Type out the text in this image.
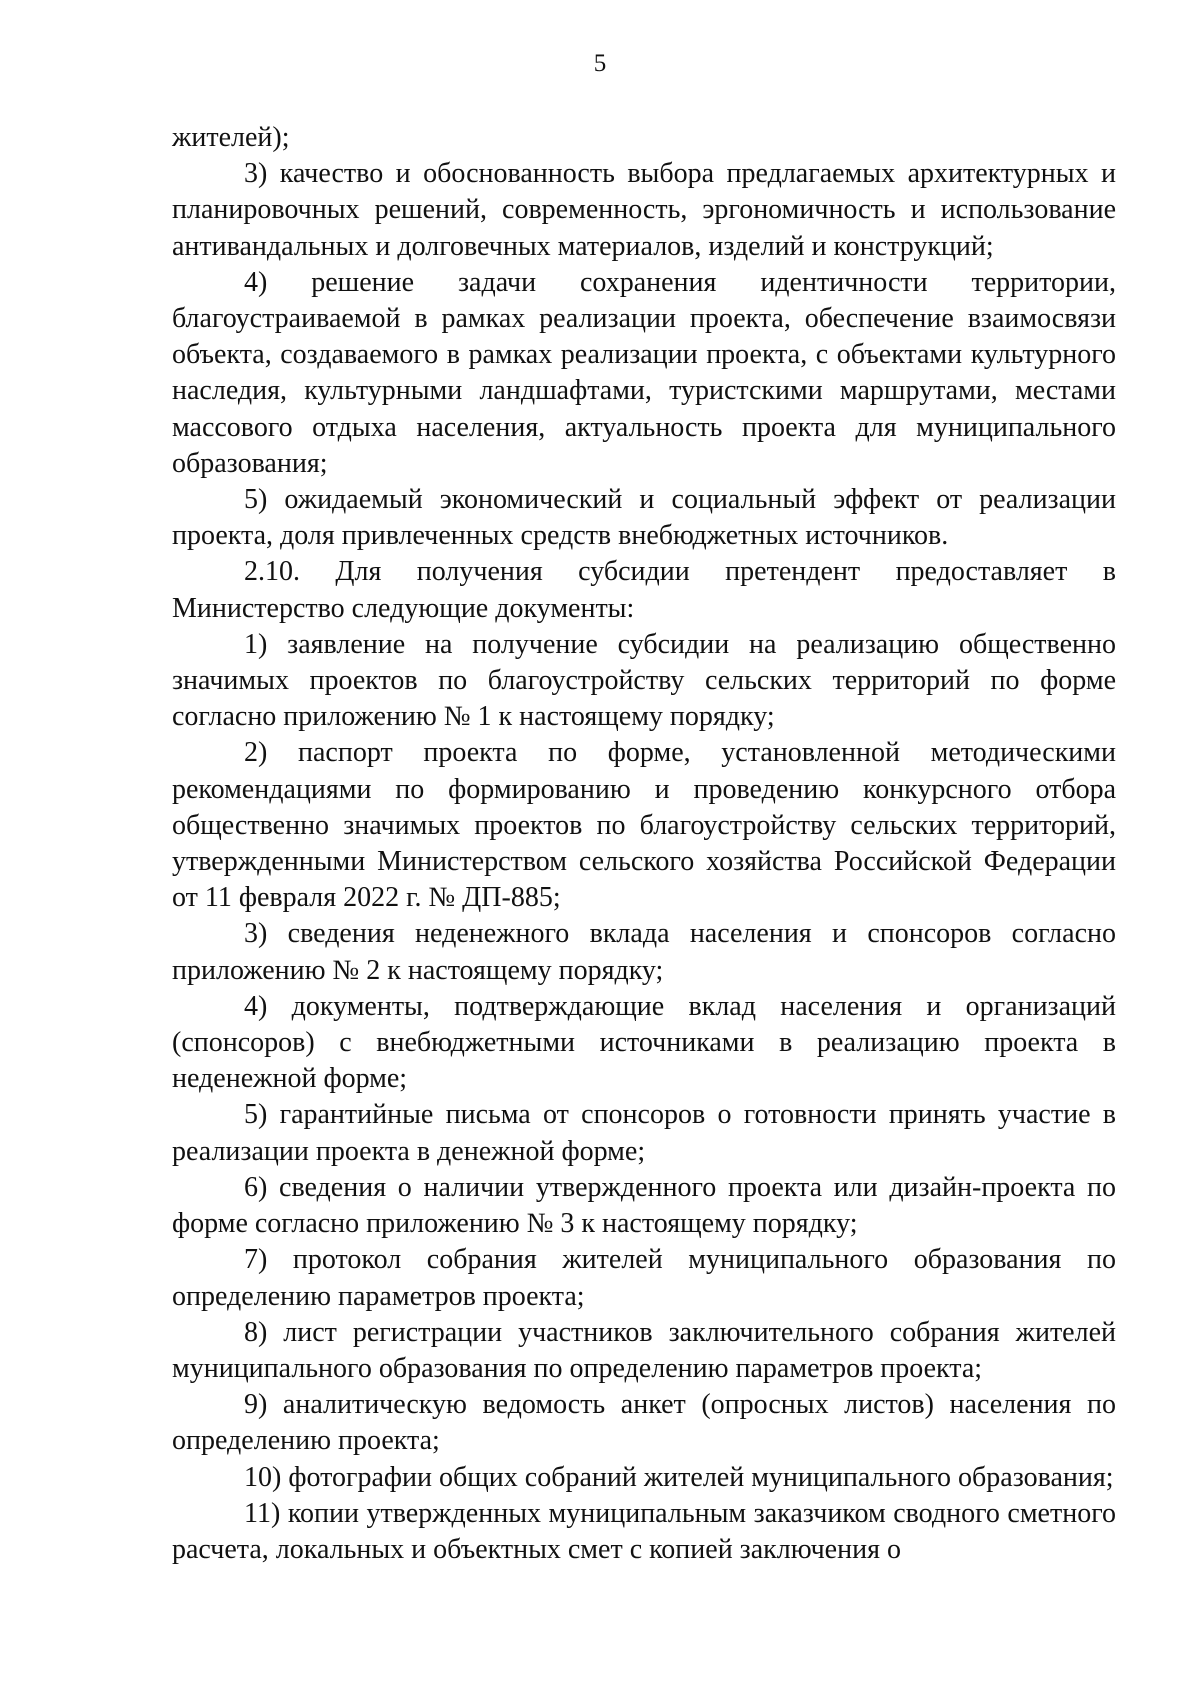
5

жителей);

3) качество и обоснованность выбора предлагаемых архитектурных и планировочных решений, современность, эргономичность и использование антивандальных и долговечных материалов, изделий и конструкций;

4) решение задачи сохранения идентичности территории, благоустраиваемой в рамках реализации проекта, обеспечение взаимосвязи объекта, создаваемого в рамках реализации проекта, с объектами культурного наследия, культурными ландшафтами, туристскими маршрутами, местами массового отдыха населения, актуальность проекта для муниципального образования;

5) ожидаемый экономический и социальный эффект от реализации проекта, доля привлеченных средств внебюджетных источников.

2.10. Для получения субсидии претендент предоставляет в Министерство следующие документы:

1) заявление на получение субсидии на реализацию общественно значимых проектов по благоустройству сельских территорий по форме согласно приложению № 1 к настоящему порядку;

2) паспорт проекта по форме, установленной методическими рекомендациями по формированию и проведению конкурсного отбора общественно значимых проектов по благоустройству сельских территорий, утвержденными Министерством сельского хозяйства Российской Федерации от 11 февраля 2022 г. № ДП-885;

3) сведения неденежного вклада населения и спонсоров согласно приложению № 2 к настоящему порядку;

4) документы, подтверждающие вклад населения и организаций (спонсоров) с внебюджетными источниками в реализацию проекта в неденежной форме;

5) гарантийные письма от спонсоров о готовности принять участие в реализации проекта в денежной форме;

6) сведения о наличии утвержденного проекта или дизайн-проекта по форме согласно приложению № 3 к настоящему порядку;

7) протокол собрания жителей муниципального образования по определению параметров проекта;

8) лист регистрации участников заключительного собрания жителей муниципального образования по определению параметров проекта;

9) аналитическую ведомость анкет (опросных листов) населения по определению проекта;

10) фотографии общих собраний жителей муниципального образования;

11) копии утвержденных муниципальным заказчиком сводного сметного расчета, локальных и объектных смет с копией заключения о
